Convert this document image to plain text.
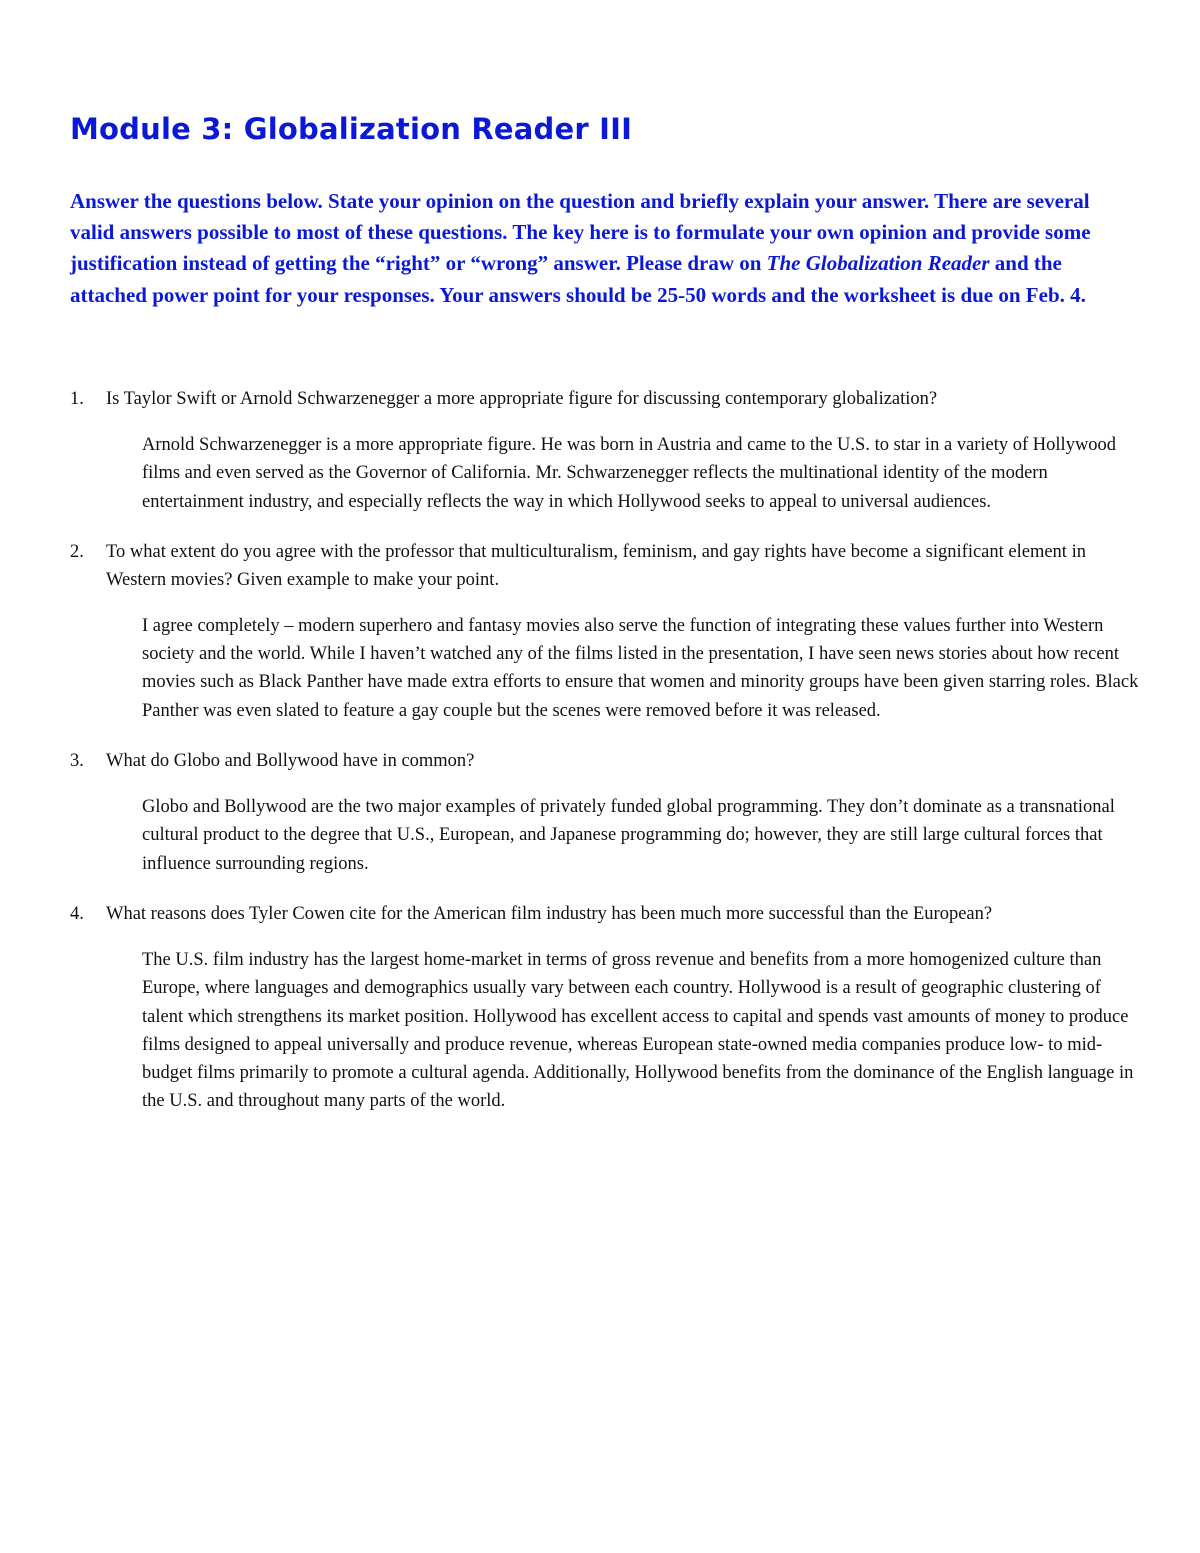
Module 3: Globalization Reader III

Answer the questions below. State your opinion on the question and briefly explain your answer. There are several valid answers possible to most of these questions. The key here is to formulate your own opinion and provide some justification instead of getting the “right” or “wrong” answer. Please draw on The Globalization Reader and the attached power point for your responses. Your answers should be 25-50 words and the worksheet is due on Feb. 4.

1. Is Taylor Swift or Arnold Schwarzenegger a more appropriate figure for discussing contemporary globalization?

Arnold Schwarzenegger is a more appropriate figure. He was born in Austria and came to the U.S. to star in a variety of Hollywood films and even served as the Governor of California. Mr. Schwarzenegger reflects the multinational identity of the modern entertainment industry, and especially reflects the way in which Hollywood seeks to appeal to universal audiences.

2. To what extent do you agree with the professor that multiculturalism, feminism, and gay rights have become a significant element in Western movies? Given example to make your point.

I agree completely – modern superhero and fantasy movies also serve the function of integrating these values further into Western society and the world. While I haven’t watched any of the films listed in the presentation, I have seen news stories about how recent movies such as Black Panther have made extra efforts to ensure that women and minority groups have been given starring roles. Black Panther was even slated to feature a gay couple but the scenes were removed before it was released.

3. What do Globo and Bollywood have in common?

Globo and Bollywood are the two major examples of privately funded global programming. They don’t dominate as a transnational cultural product to the degree that U.S., European, and Japanese programming do; however, they are still large cultural forces that influence surrounding regions.

4. What reasons does Tyler Cowen cite for the American film industry has been much more successful than the European?

The U.S. film industry has the largest home-market in terms of gross revenue and benefits from a more homogenized culture than Europe, where languages and demographics usually vary between each country. Hollywood is a result of geographic clustering of talent which strengthens its market position. Hollywood has excellent access to capital and spends vast amounts of money to produce films designed to appeal universally and produce revenue, whereas European state-owned media companies produce low- to mid-budget films primarily to promote a cultural agenda. Additionally, Hollywood benefits from the dominance of the English language in the U.S. and throughout many parts of the world.
